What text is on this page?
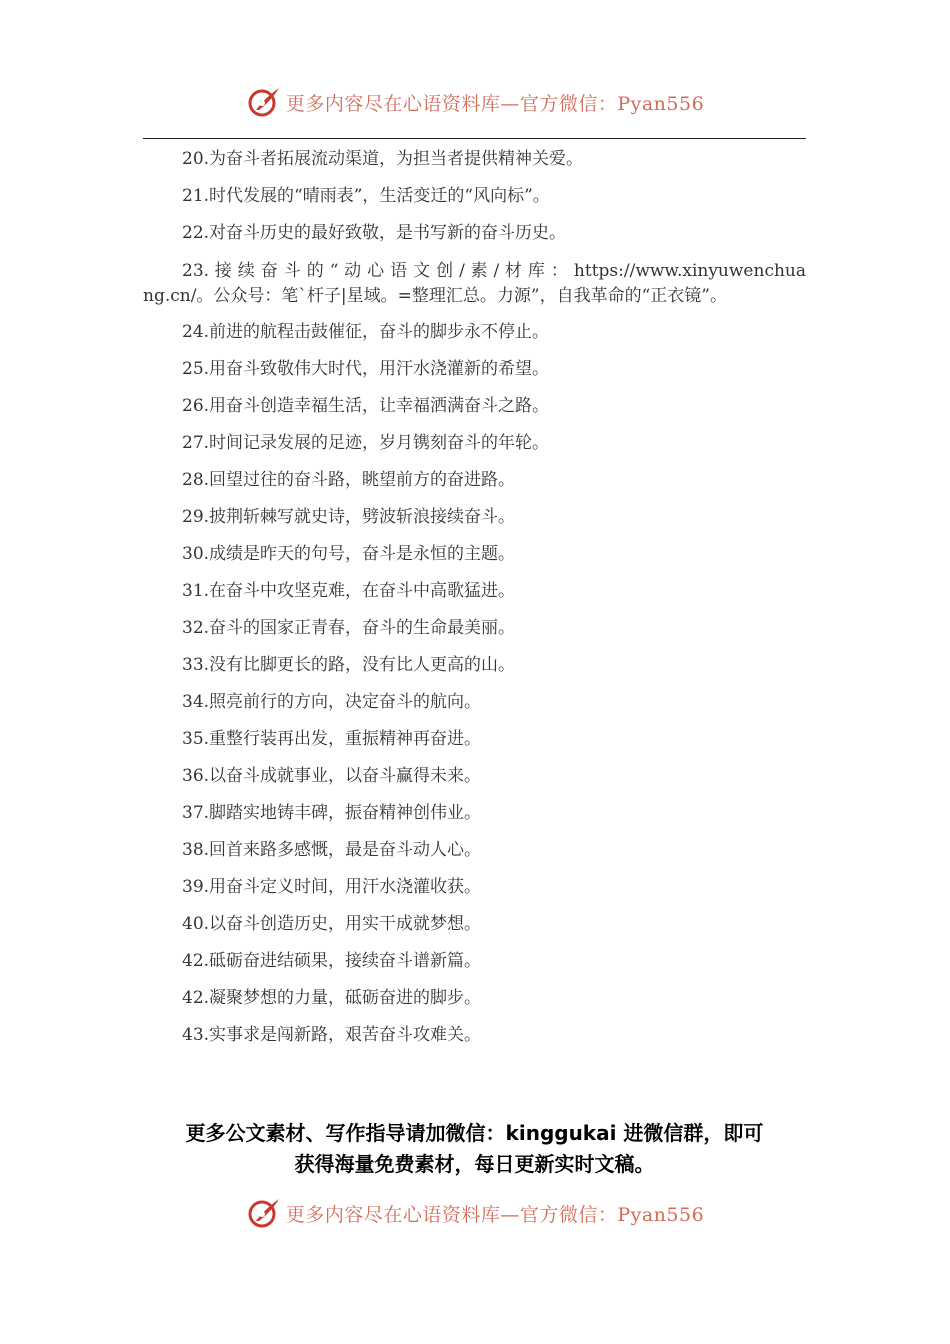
更多内容尽在心语资料库—官方微信：Pyan556
20.为奋斗者拓展流动渠道，为担当者提供精神关爱。
21.时代发展的“晴雨表”，生活变迁的“风向标”。
22.对奋斗历史的最好致敬，是书写新的奋斗历史。
23. 接 续 奋 斗 的 “ 动 心 语 文 创 / 素 / 材 库 ： https://www.xinyuwenchuang.cn/。公众号：笔`杆子|星域。=整理汇总。力源”，自我革命的“正衣镜”。
24.前进的航程击鼓催征，奋斗的脚步永不停止。
25.用奋斗致敬伟大时代，用汗水浇灌新的希望。
26.用奋斗创造幸福生活，让幸福洒满奋斗之路。
27.时间记录发展的足迹，岁月镌刻奋斗的年轮。
28.回望过往的奋斗路，眺望前方的奋进路。
29.披荆斩棘写就史诗，劈波斩浪接续奋斗。
30.成绩是昨天的句号，奋斗是永恒的主题。
31.在奋斗中攻坚克难，在奋斗中高歌猛进。
32.奋斗的国家正青春，奋斗的生命最美丽。
33.没有比脚更长的路，没有比人更高的山。
34.照亮前行的方向，决定奋斗的航向。
35.重整行装再出发，重振精神再奋进。
36.以奋斗成就事业，以奋斗赢得未来。
37.脚踏实地铸丰碑，振奋精神创伟业。
38.回首来路多感慨，最是奋斗动人心。
39.用奋斗定义时间，用汗水浇灌收获。
40.以奋斗创造历史，用实干成就梦想。
42.砥砺奋进结硕果，接续奋斗谱新篇。
42.凝聚梦想的力量，砥砺奋进的脚步。
43.实事求是闯新路，艰苦奋斗攻难关。
更多公文素材、写作指导请加微信：kinggukai 进微信群，即可
获得海量免费素材，每日更新实时文稿。
更多内容尽在心语资料库—官方微信：Pyan556
